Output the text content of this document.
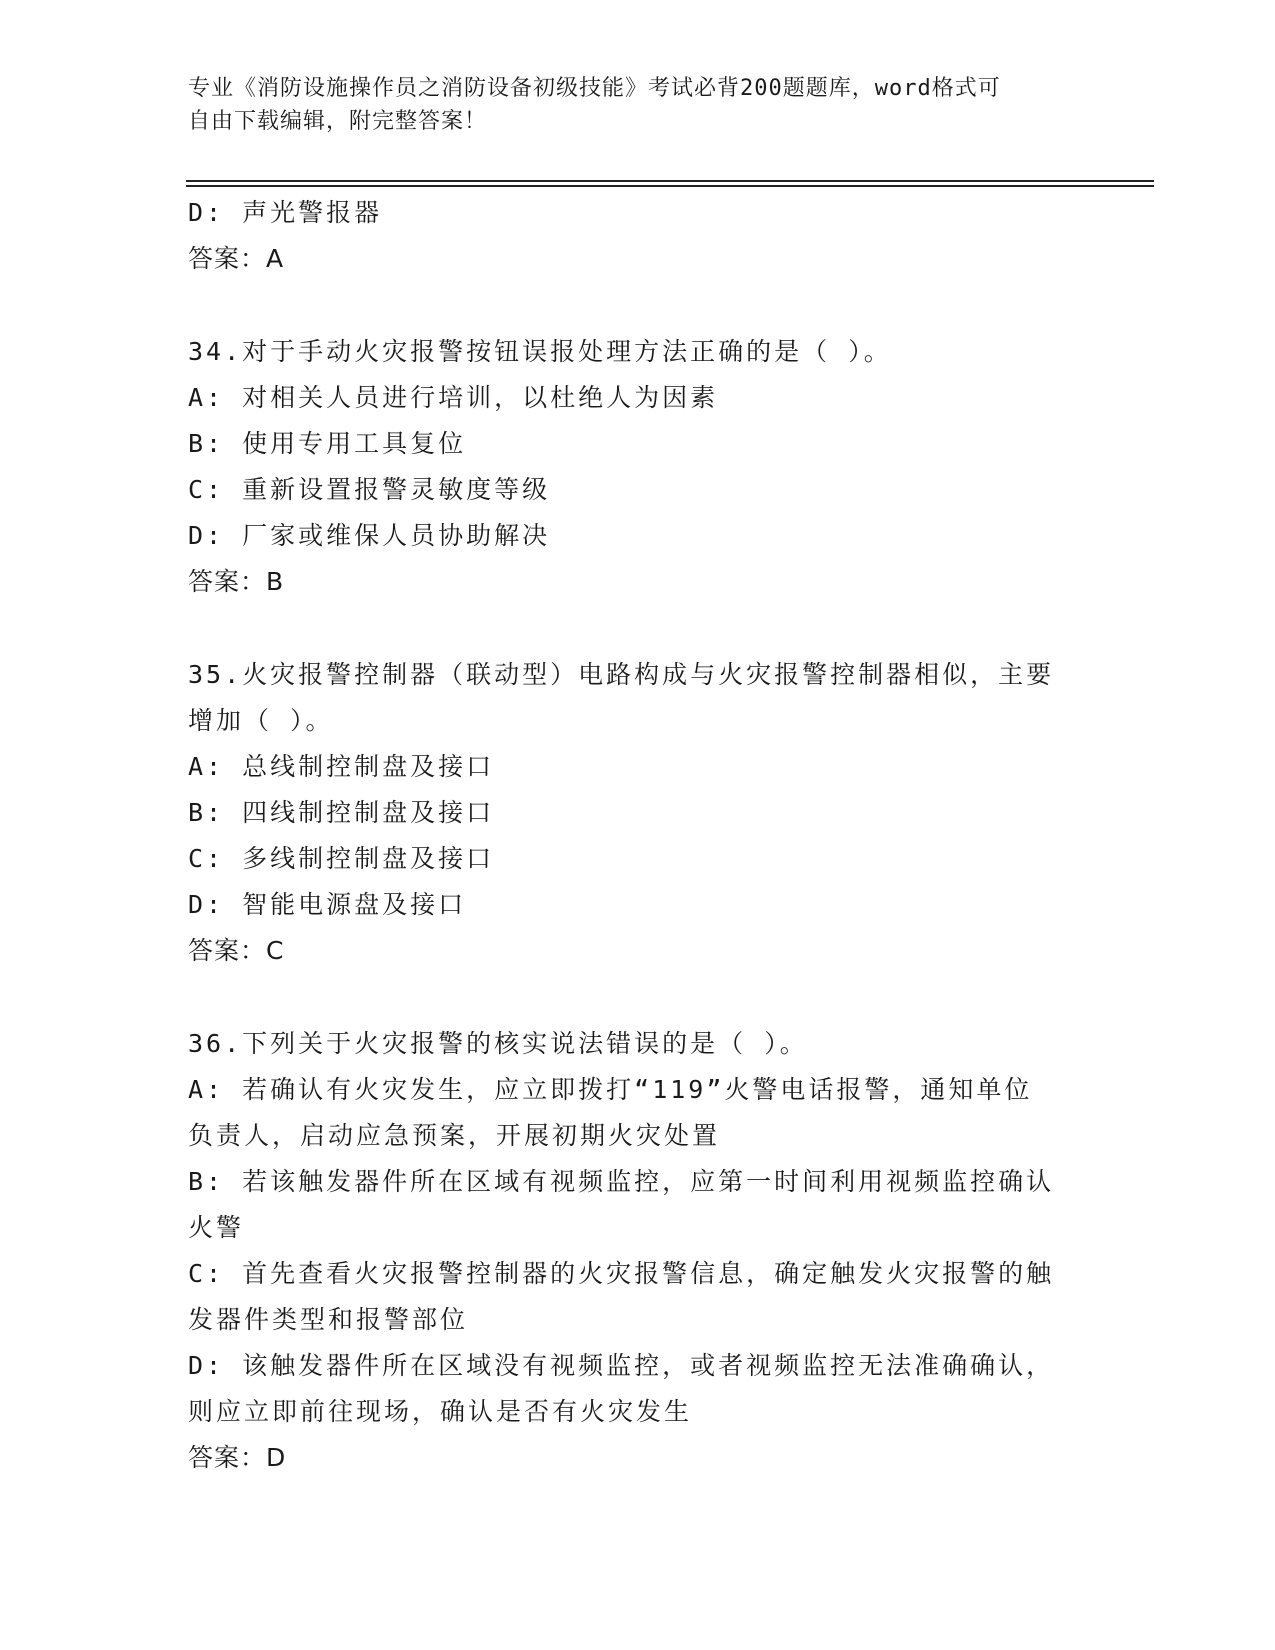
专业《消防设施操作员之消防设备初级技能》考试必背200题题库，word格式可
自由下载编辑，附完整答案！
D: 声光警报器
答案：A
34.对于手动火灾报警按钮误报处理方法正确的是（ ）。
A: 对相关人员进行培训，以杜绝人为因素
B: 使用专用工具复位
C: 重新设置报警灵敏度等级
D: 厂家或维保人员协助解决
答案：B
35.火灾报警控制器（联动型）电路构成与火灾报警控制器相似，主要
增加（ ）。
A: 总线制控制盘及接口
B: 四线制控制盘及接口
C: 多线制控制盘及接口
D: 智能电源盘及接口
答案：C
36.下列关于火灾报警的核实说法错误的是（ ）。
A: 若确认有火灾发生，应立即拨打“119”火警电话报警，通知单位
负责人，启动应急预案，开展初期火灾处置
B: 若该触发器件所在区域有视频监控，应第一时间利用视频监控确认
火警
C: 首先查看火灾报警控制器的火灾报警信息，确定触发火灾报警的触
发器件类型和报警部位
D: 该触发器件所在区域没有视频监控，或者视频监控无法准确确认，
则应立即前往现场，确认是否有火灾发生
答案：D
